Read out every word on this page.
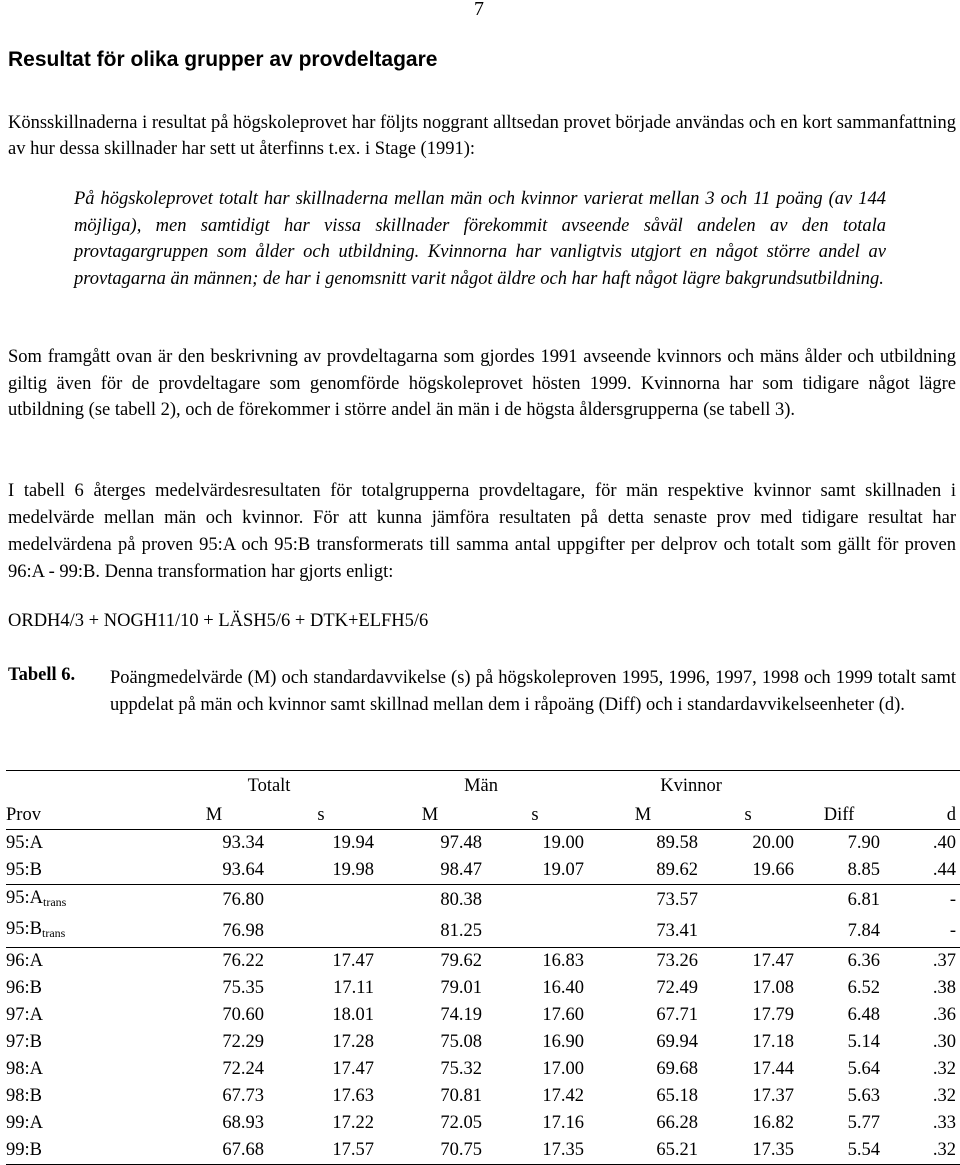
7
Resultat för olika grupper av provdeltagare

Könsskillnaderna i resultat på högskoleprovet har följts noggrant alltsedan provet började användas och en kort sammanfattning av hur dessa skillnader har sett ut återfinns t.ex. i Stage (1991):

På högskoleprovet totalt har skillnaderna mellan män och kvinnor varierat mellan 3 och 11 poäng (av 144 möjliga), men samtidigt har vissa skillnader förekommit avseende såväl andelen av den totala provtagargruppen som ålder och utbildning. Kvinnorna har vanligtvis utgjort en något större andel av provtagarna än männen; de har i genomsnitt varit något äldre och har haft något lägre bakgrundsutbildning.

Som framgått ovan är den beskrivning av provdeltagarna som gjordes 1991 avseende kvinnors och mäns ålder och utbildning giltig även för de provdeltagare som genomförde högskoleprovet hösten 1999. Kvinnorna har som tidigare något lägre utbildning (se tabell 2), och de förekommer i större andel än män i de högsta åldersgrupperna (se tabell 3).

I tabell 6 återges medelvärdesresultaten för totalgrupperna provdeltagare, för män respektive kvinnor samt skillnaden i medelvärde mellan män och kvinnor. För att kunna jämföra resultaten på detta senaste prov med tidigare resultat har medelvärdena på proven 95:A och 95:B transformerats till samma antal uppgifter per delprov och totalt som gällt för proven 96:A - 99:B. Denna transformation har gjorts enligt:

ORDH4/3 + NOGH11/10 + LÄSH5/6 + DTK+ELFH5/6

Tabell 6. Poängmedelvärde (M) och standardavvikelse (s) på högskoleproven 1995, 1996, 1997, 1998 och 1999 totalt samt uppdelat på män och kvinnor samt skillnad mellan dem i råpoäng (Diff) och i standardavvikelseenheter (d).

	Totalt		Män		Kvinnor			
Prov	M	s	M	s	M	s	Diff	d
95:A	93.34	19.94	97.48	19.00	89.58	20.00	7.90	.40
95:B	93.64	19.98	98.47	19.07	89.62	19.66	8.85	.44
$95:A_{trans}$	76.80		80.38		73.57		6.81	-
$95:B_{trans}$	76.98		81.25		73.41		7.84	-
96:A	76.22	17.47	79.62	16.83	73.26	17.47	6.36	.37
96:B	75.35	17.11	79.01	16.40	72.49	17.08	6.52	.38
97:A	70.60	18.01	74.19	17.60	67.71	17.79	6.48	.36
97:B	72.29	17.28	75.08	16.90	69.94	17.18	5.14	.30
98:A	72.24	17.47	75.32	17.00	69.68	17.44	5.64	.32
98:B	67.73	17.63	70.81	17.42	65.18	17.37	5.63	.32
99:A	68.93	17.22	72.05	17.16	66.28	16.82	5.77	.33
99:B	67.68	17.57	70.75	17.35	65.21	17.35	5.54	.32
